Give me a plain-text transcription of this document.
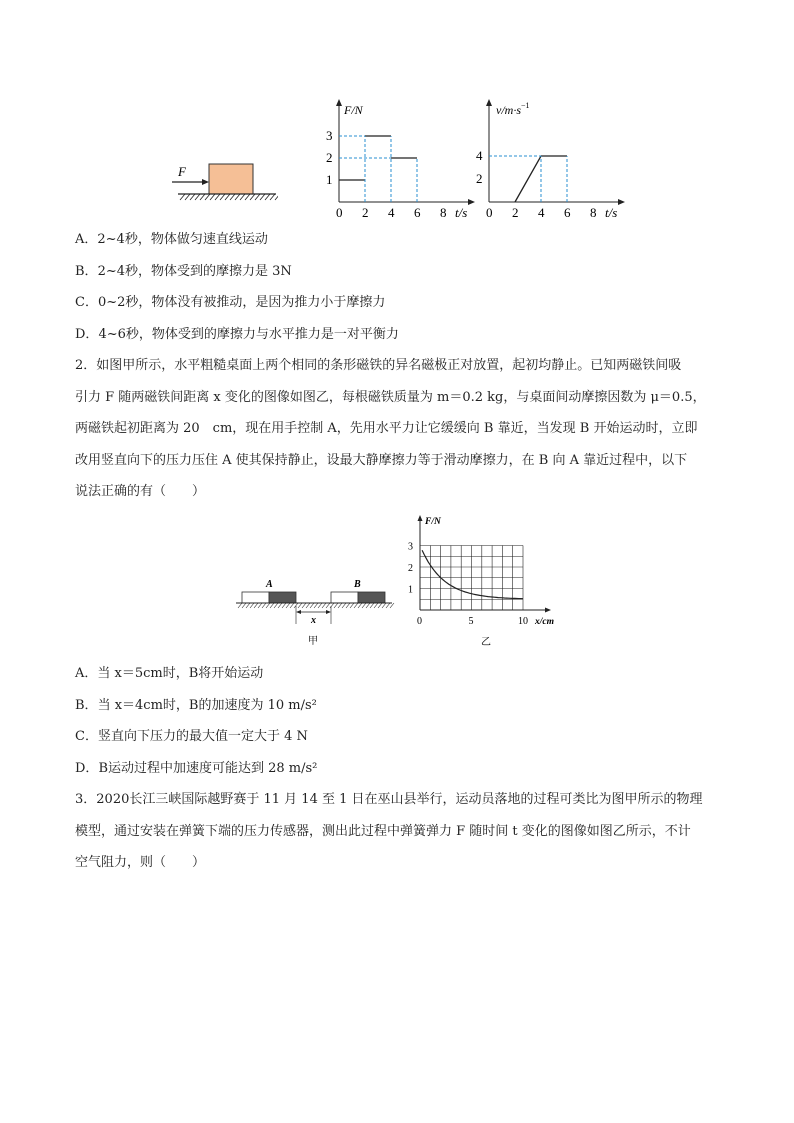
F
F/N
0 2 4 6 8 t/s
1
2
3
$v/m\cdot s^{-1}$
0 2 4 6 8 t/s
2
4
A．2~4秒，物体做匀速直线运动
B．2~4秒，物体受到的摩擦力是 3N
C．0~2秒，物体没有被推动，是因为推力小于摩擦力
D．4~6秒，物体受到的摩擦力与水平推力是一对平衡力
2．如图甲所示，水平粗糙桌面上两个相同的条形磁铁的异名磁极正对放置，起初均静止。已知两磁铁间吸
引力 F 随两磁铁间距离 x 变化的图像如图乙，每根磁铁质量为 m＝0.2 kg，与桌面间动摩擦因数为 μ＝0.5，
两磁铁起初距离为 20　cm，现在用手控制 A，先用水平力让它缓缓向 B 靠近，当发现 B 开始运动时，立即
改用竖直向下的压力压住 A 使其保持静止，设最大静摩擦力等于滑动摩擦力，在 B 向 A 靠近过程中，以下
说法正确的有（　　）
A	B
x
甲
F/N
1
2
3
0	5	10 x/cm
乙
A．当 x＝5cm时，B将开始运动
B．当 x＝4cm时，B的加速度为 10 m/s²
C．竖直向下压力的最大值一定大于 4 N
D．B运动过程中加速度可能达到 28 m/s²
3．2020长江三峡国际越野赛于 11 月 14 至 1 日在巫山县举行，运动员落地的过程可类比为图甲所示的物理
模型，通过安装在弹簧下端的压力传感器，测出此过程中弹簧弹力 F 随时间 t 变化的图像如图乙所示，不计
空气阻力，则（　　）
